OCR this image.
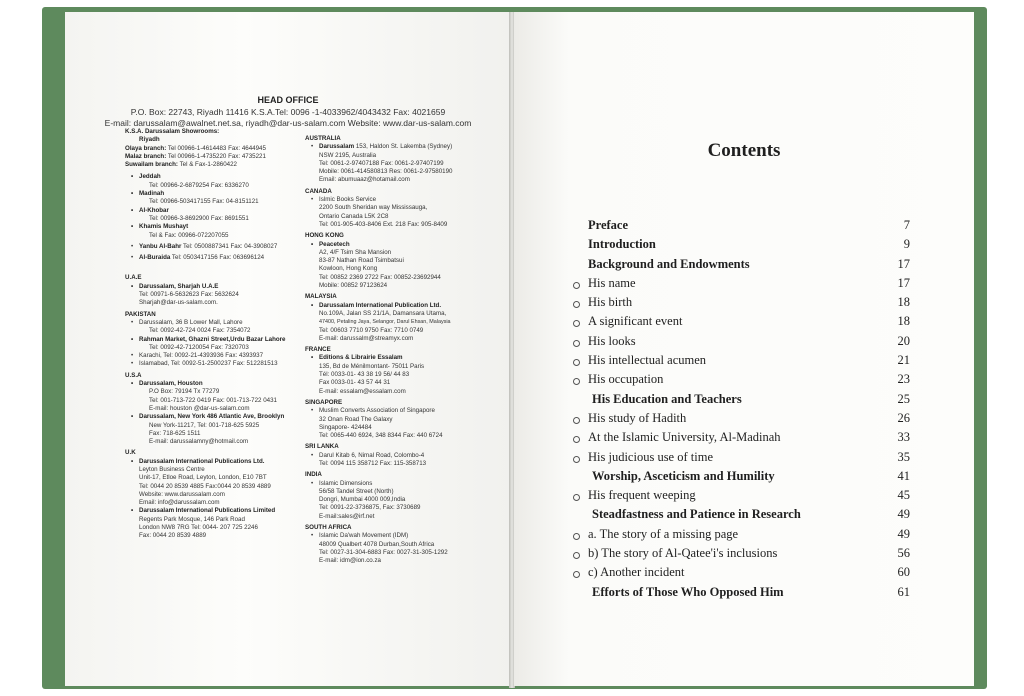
HEAD OFFICE
P.O. Box: 22743, Riyadh 11416 K.S.A.Tel: 0096 -1-4033962/4043432 Fax: 4021659
E-mail: darussalam@awalnet.net.sa, riyadh@dar-us-salam.com Website: www.dar-us-salam.com
K.S.A. Darussalam Showrooms:
Riyadh
Olaya branch: Tel 00966-1-4614483 Fax: 4644945
Malaz branch: Tel 00966-1-4735220 Fax: 4735221
Suwailam branch: Tel & Fax-1-2860422
• Jeddah
Tel: 00966-2-6879254 Fax: 6336270
• Madinah
Tel: 00966-503417155 Fax: 04-8151121
• Al-Khobar
Tel: 00966-3-8692900 Fax: 8691551
• Khamis Mushayt
Tel & Fax: 00966-072207055
• Yanbu Al-Bahr Tel: 0500887341 Fax: 04-3908027
• Al-Buraida Tel: 0503417156 Fax: 063696124
U.A.E
• Darussalam, Sharjah U.A.E
Tel: 00971-6-5632623 Fax: 5632624
Sharjah@dar-us-salam.com.
PAKISTAN
• Darussalam, 36 B Lower Mall, Lahore
Tel: 0092-42-724 0024 Fax: 7354072
• Rahman Market, Ghazni Street,Urdu Bazar Lahore
Tel: 0092-42-7120054 Fax: 7320703
• Karachi, Tel: 0092-21-4393936 Fax: 4393937
• Islamabad, Tel: 0092-51-2500237 Fax: 512281513
U.S.A
• Darussalam, Houston
P.O Box: 79194 Tx 77279
Tel: 001-713-722 0419 Fax: 001-713-722 0431
E-mail: houston @dar-us-salam.com
• Darussalam, New York 486 Atlantic Ave, Brooklyn
New York-11217, Tel: 001-718-625 5925
Fax: 718-625 1511
E-mail: darussalamny@hotmail.com
U.K
• Darussalam International Publications Ltd.
Leyton Business Centre
Unit-17, Etloe Road, Leyton, London, E10 7BT
Tel: 0044 20 8539 4885 Fax:0044 20 8539 4889
Website: www.darussalam.com
Email: info@darussalam.com
• Darussalam International Publications Limited
Regents Park Mosque, 146 Park Road
London NW8 7RG Tel: 0044- 207 725 2246
Fax: 0044 20 8539 4889
AUSTRALIA
• Darussalam 153, Haldon St. Lakemba (Sydney)
NSW 2195, Australia
Tel: 0061-2-97407188 Fax: 0061-2-97407199
Mobile: 0061-414580813 Res: 0061-2-97580190
Email: abumuaaz@hotamail.com
CANADA
• Islmic Books Service
2200 South Sheridan way Mississauga,
Ontario Canada L5K 2C8
Tel: 001-905-403-8406 Ext. 218 Fax: 905-8409
HONG KONG
• Peacetech
A2, 4/F Tsim Sha Mansion
83-87 Nathan Road Tsimbatsui
Kowloon, Hong Kong
Tel: 00852 2369 2722 Fax: 00852-23692944
Mobile: 00852 97123624
MALAYSIA
• Darussalam International Publication Ltd.
No.109A, Jalan SS 21/1A, Damansara Utama,
47400, Petaling Jaya, Selangor, Darul Ehsan, Malaysia
Tel: 00603 7710 9750 Fax: 7710 0749
E-mail: darussalm@streamyx.com
FRANCE
• Editions & Librairie Essalam
135, Bd de Ménilmontant- 75011 Paris
Tél: 0033-01- 43 38 19 56/ 44 83
Fax 0033-01- 43 57 44 31
E-mail: essalam@essalam.com
SINGAPORE
• Muslim Converts Association of Singapore
32 Onan Road The Galaxy
Singapore- 424484
Tel: 0065-440 6924, 348 8344 Fax: 440 6724
SRI LANKA
• Darul Kitab 6, Nimal Road, Colombo-4
Tel: 0094 115 358712 Fax: 115-358713
INDIA
• Islamic Dimensions
56/58 Tandel Street (North)
Dongri, Mumbai 4000 009,India
Tel: 0091-22-3736875, Fax: 3730689
E-mail:sales@irf.net
SOUTH AFRICA
• Islamic Da'wah Movement (IDM)
48009 Qualbert 4078 Durban,South Africa
Tel: 0027-31-304-6883 Fax: 0027-31-305-1292
E-mail: idm@ion.co.za
Contents
Preface	7
Introduction	9
Background and Endowments	17
His name	17
His birth	18
A significant event	18
His looks	20
His intellectual acumen	21
His occupation	23
His Education and Teachers	25
His study of Hadith	26
At the Islamic University, Al-Madinah	33
His judicious use of time	35
Worship, Asceticism and Humility	41
His frequent weeping	45
Steadfastness and Patience in Research	49
a. The story of a missing page	49
b) The story of Al-Qatee'i's inclusions	56
c) Another incident	60
Efforts of Those Who Opposed Him	61
